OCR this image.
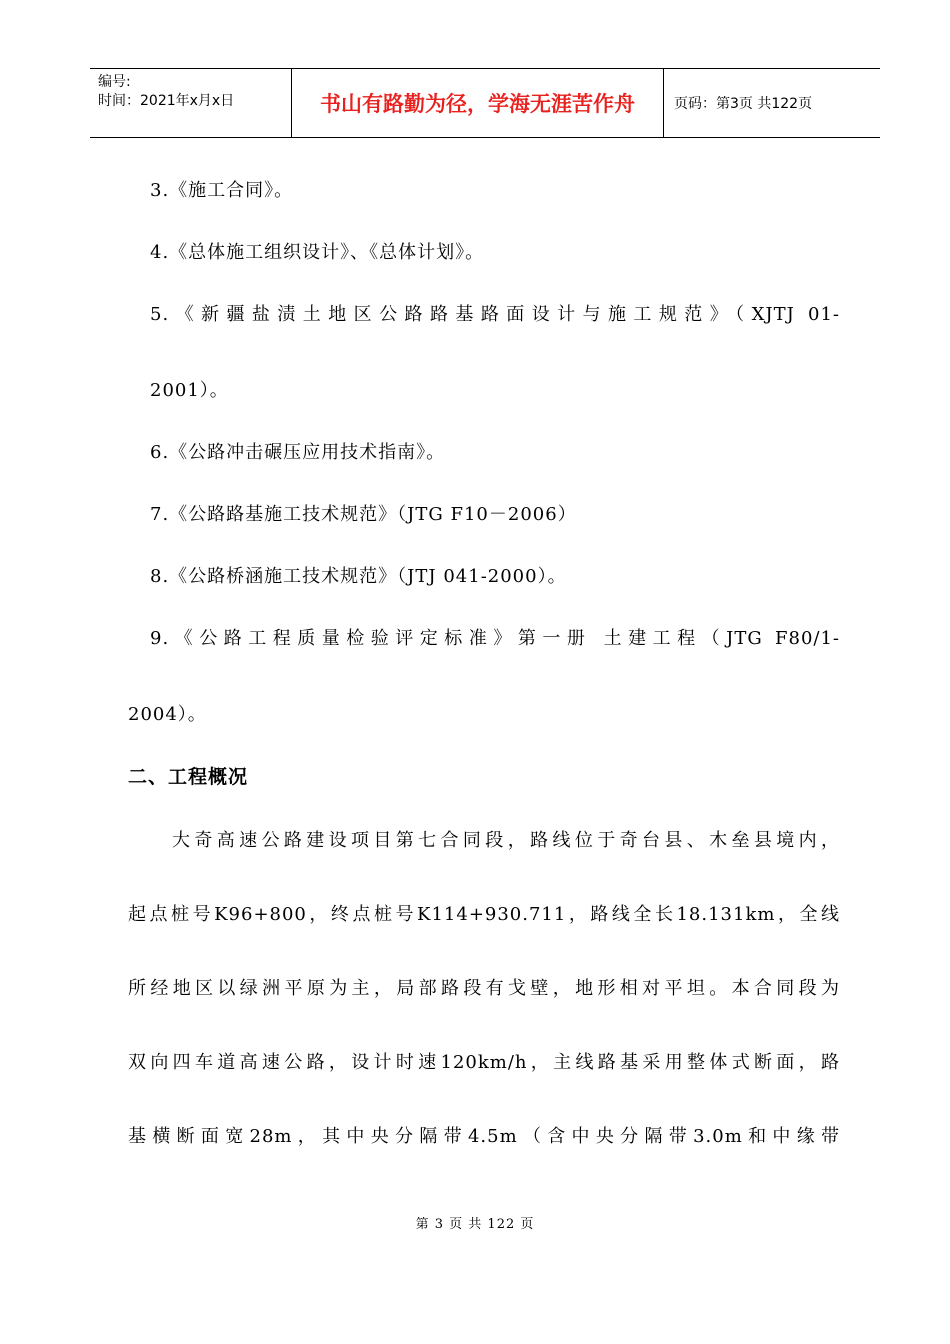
编号:
时间：2021年x月x日	书山有路勤为径，学海无涯苦作舟	页码：第3页 共122页
3.《施工合同》。
4.《总体施工组织设计》、《总体计划》。
5.《新疆盐渍土地区公路路基路面设计与施工规范》（XJTJ 01-
2001）。
6.《公路冲击碾压应用技术指南》。
7.《公路路基施工技术规范》（JTG F10－2006）
8.《公路桥涵施工技术规范》（JTJ 041-2000）。
9.《公路工程质量检验评定标准》第一册 土建工程（JTG F80/1-
2004）。
二、工程概况
大奇高速公路建设项目第七合同段，路线位于奇台县、木垒县境内，
起点桩号K96+800，终点桩号K114+930.711，路线全长18.131km，全线
所经地区以绿洲平原为主，局部路段有戈壁，地形相对平坦。本合同段为
双向四车道高速公路，设计时速120km/h，主线路基采用整体式断面，路
基横断面宽28m，其中央分隔带4.5m（含中央分隔带3.0m和中缘带
第 3 页 共 122 页
